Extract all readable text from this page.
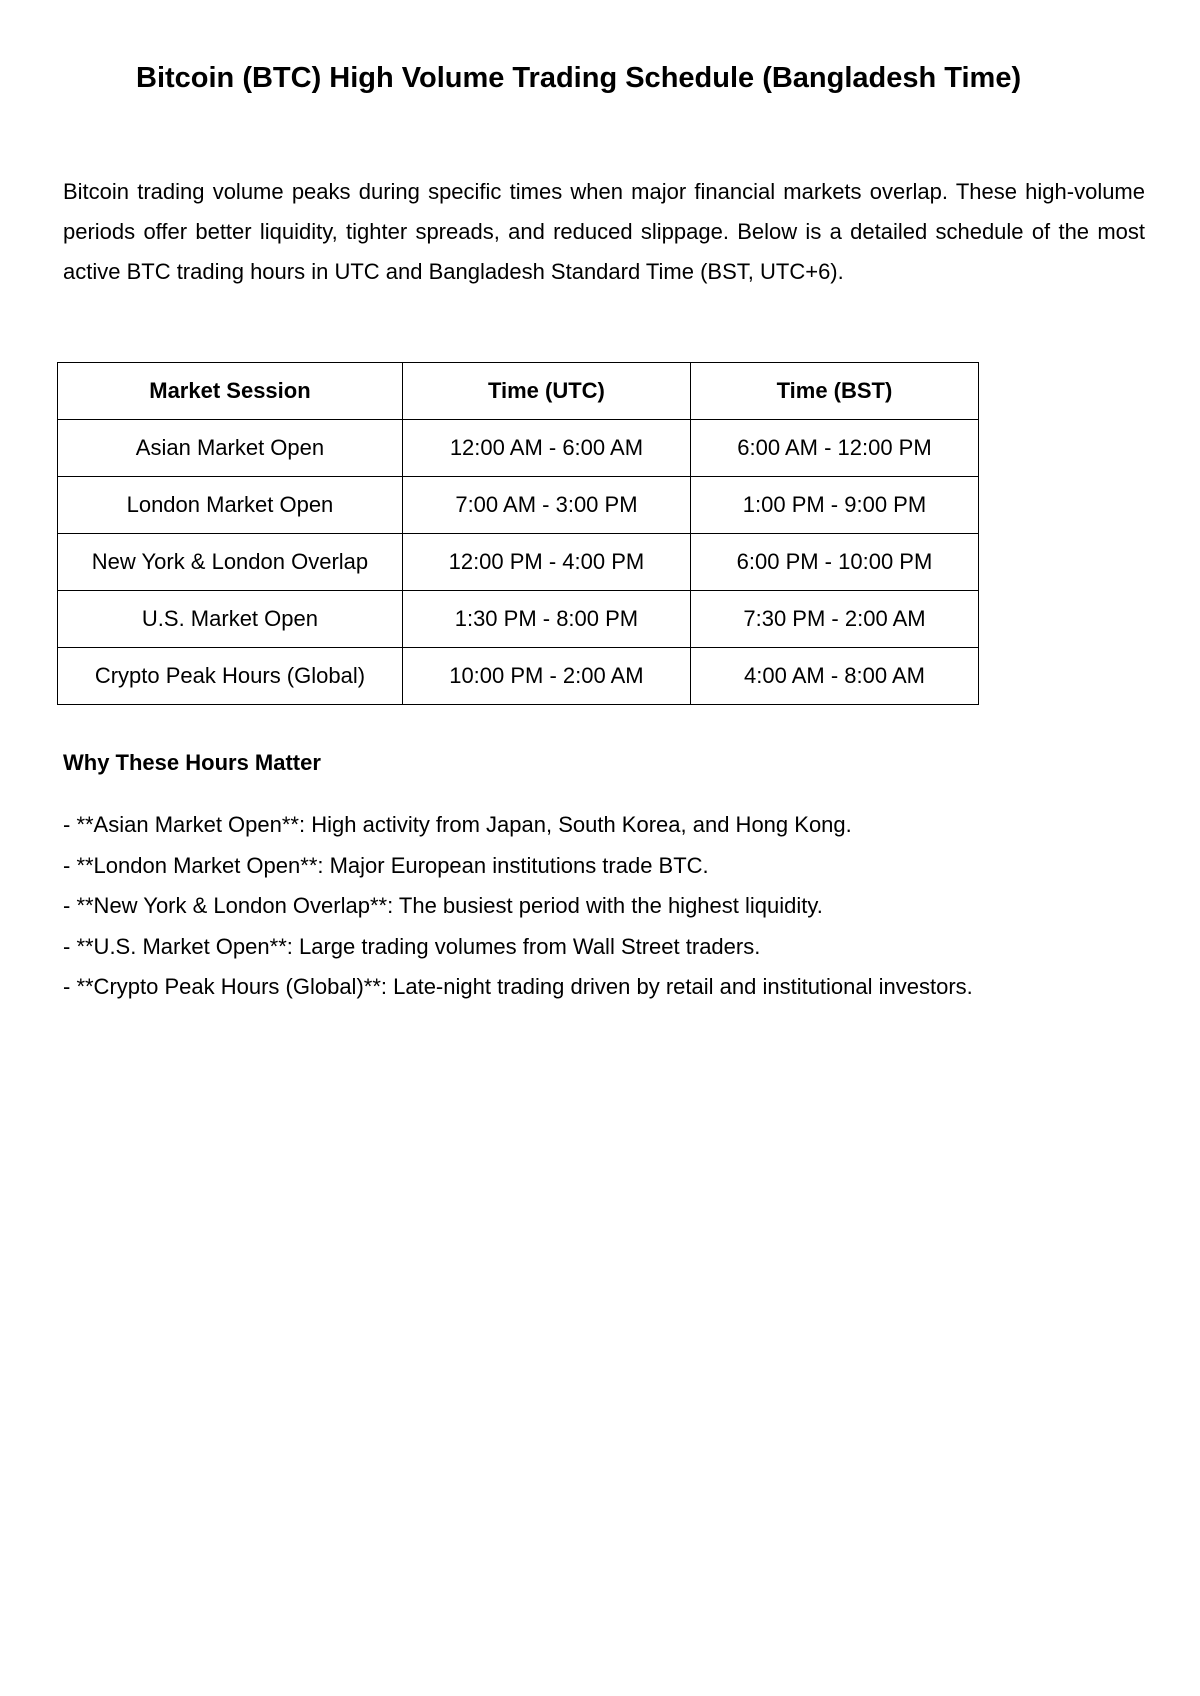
Bitcoin (BTC) High Volume Trading Schedule (Bangladesh Time)

Bitcoin trading volume peaks during specific times when major financial markets overlap. These high-volume periods offer better liquidity, tighter spreads, and reduced slippage. Below is a detailed schedule of the most active BTC trading hours in UTC and Bangladesh Standard Time (BST, UTC+6).

Market Session	Time (UTC)	Time (BST)
Asian Market Open	12:00 AM - 6:00 AM	6:00 AM - 12:00 PM
London Market Open	7:00 AM - 3:00 PM	1:00 PM - 9:00 PM
New York & London Overlap	12:00 PM - 4:00 PM	6:00 PM - 10:00 PM
U.S. Market Open	1:30 PM - 8:00 PM	7:30 PM - 2:00 AM
Crypto Peak Hours (Global)	10:00 PM - 2:00 AM	4:00 AM - 8:00 AM
Why These Hours Matter
- **Asian Market Open**: High activity from Japan, South Korea, and Hong Kong.
- **London Market Open**: Major European institutions trade BTC.
- **New York & London Overlap**: The busiest period with the highest liquidity.
- **U.S. Market Open**: Large trading volumes from Wall Street traders.
- **Crypto Peak Hours (Global)**: Late-night trading driven by retail and institutional investors.
